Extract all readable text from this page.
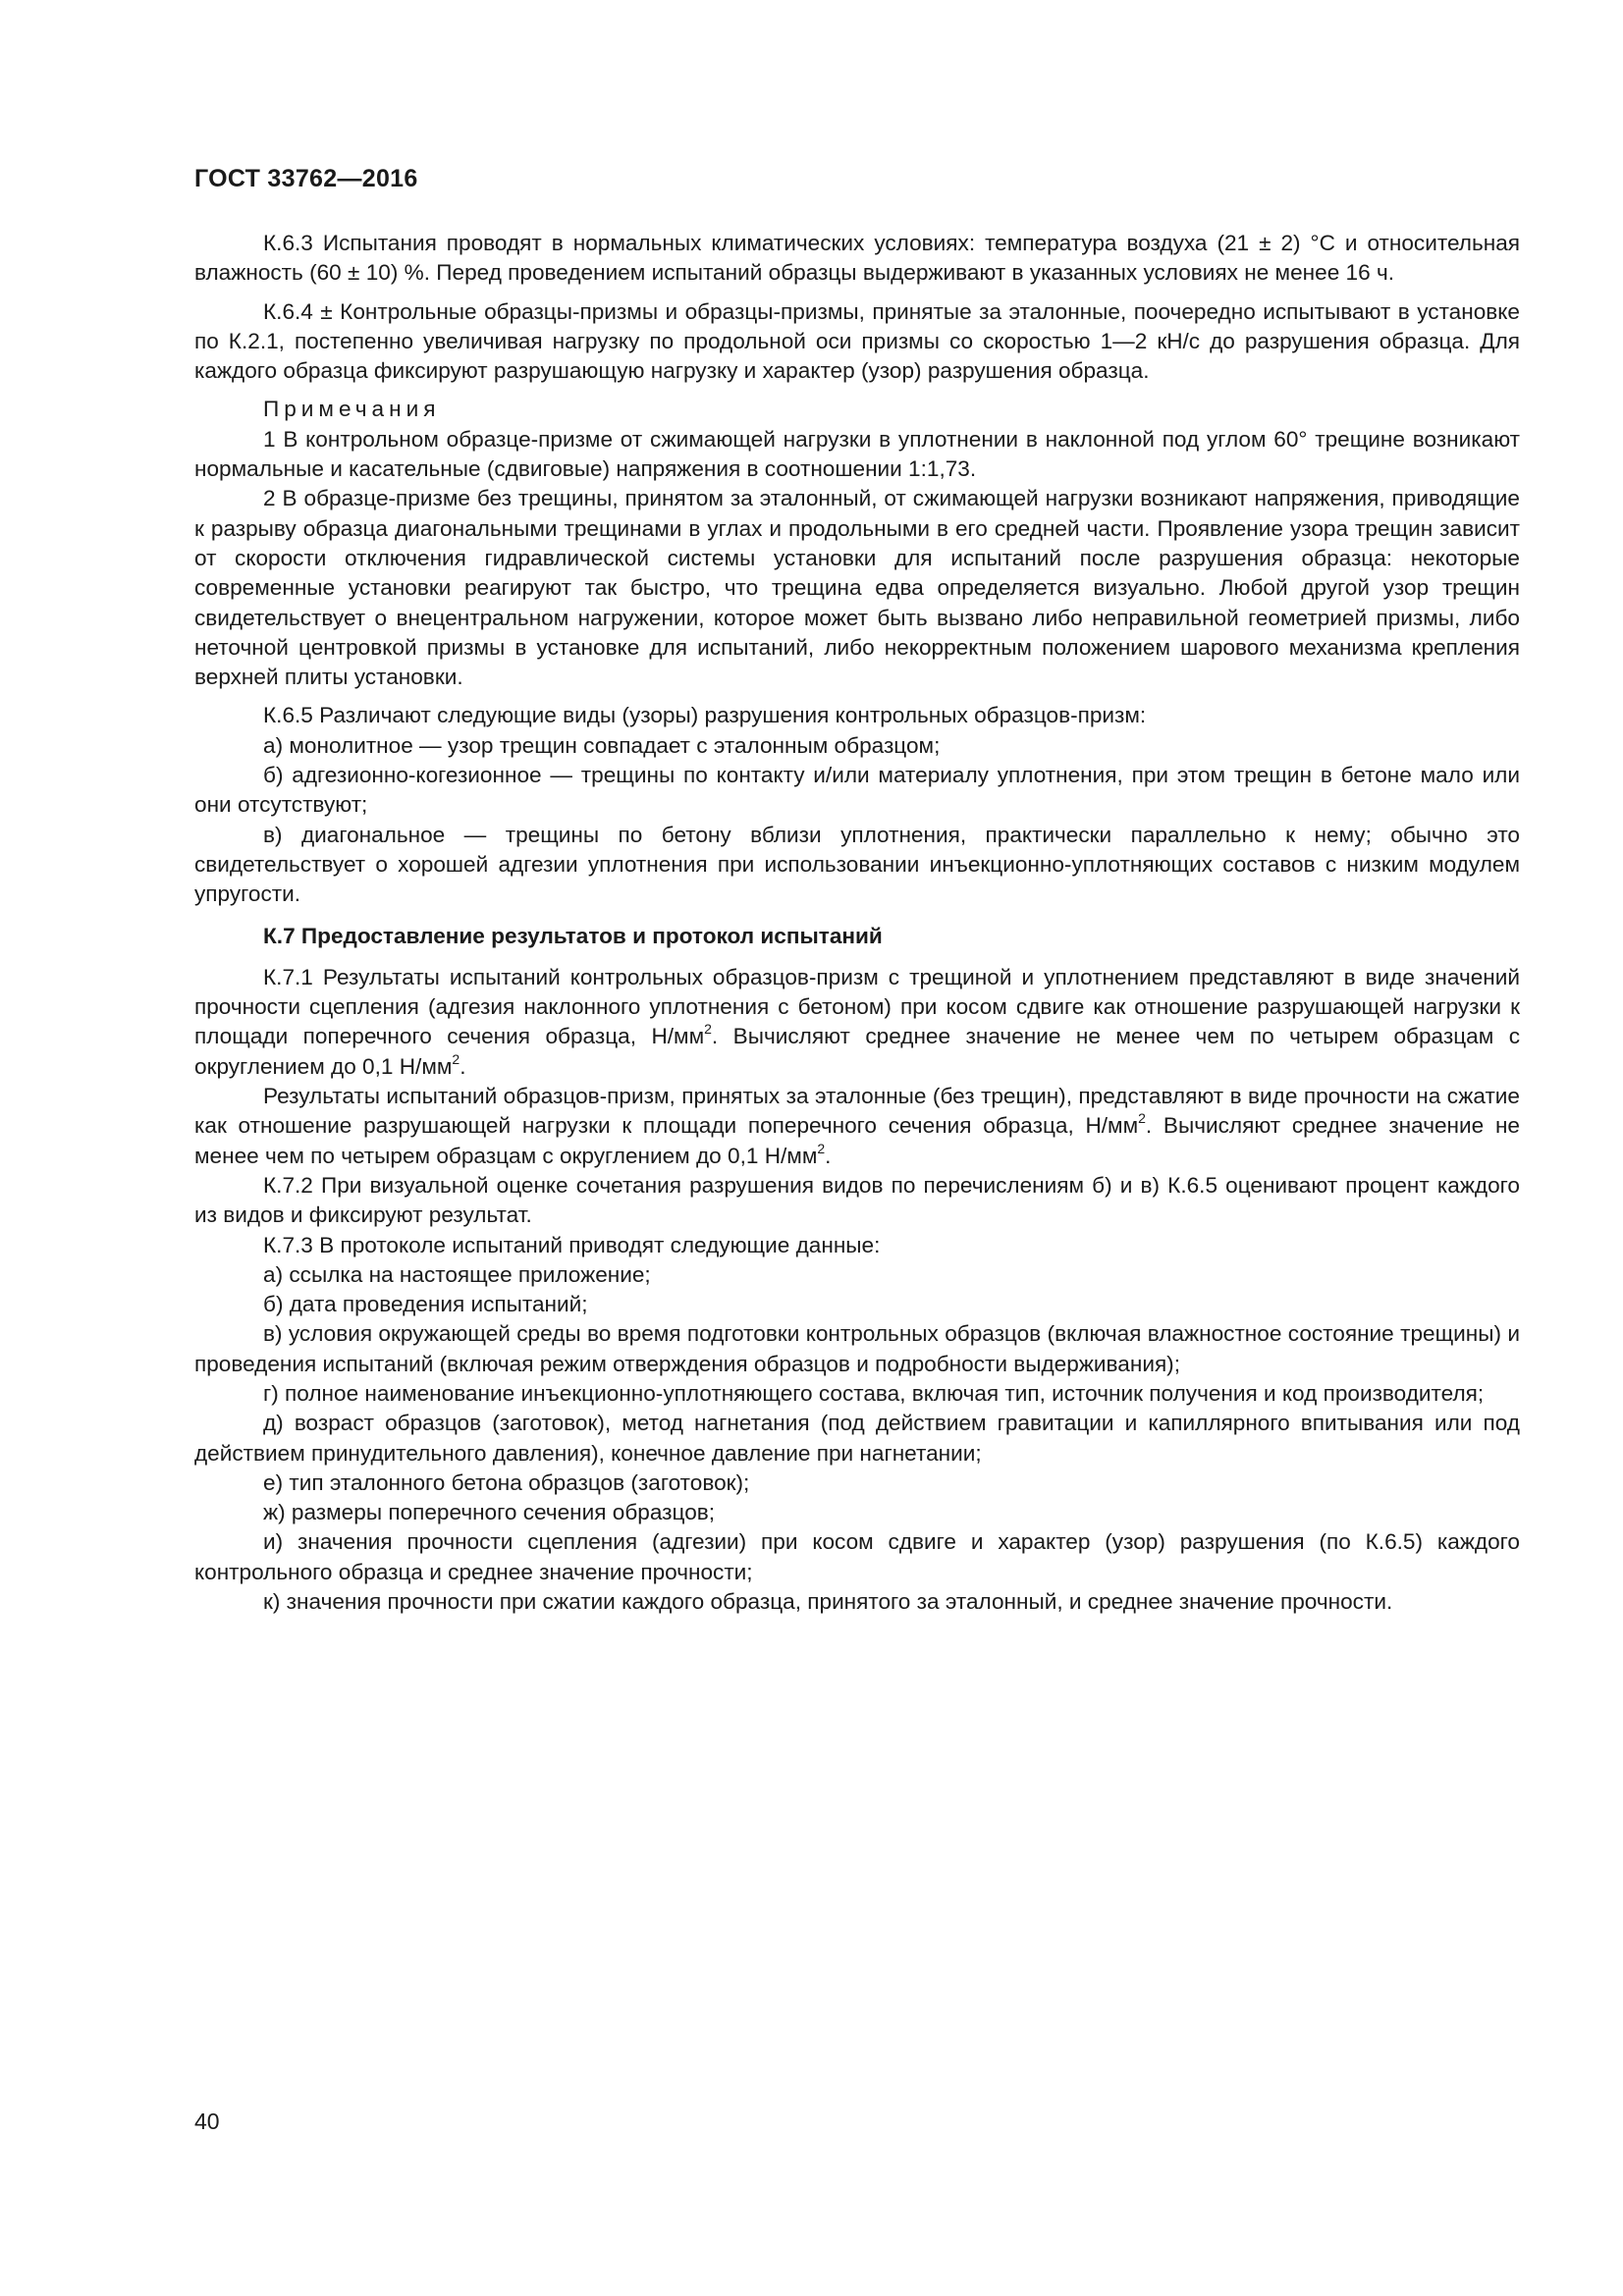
ГОСТ 33762—2016

К.6.3 Испытания проводят в нормальных климатических условиях: температура воздуха (21 ± 2) °С и относительная влажность (60 ± 10) %. Перед проведением испытаний образцы выдерживают в указанных условиях не менее 16 ч.

К.6.4 ± Контрольные образцы-призмы и образцы-призмы, принятые за эталонные, поочередно испытывают в установке по К.2.1, постепенно увеличивая нагрузку по продольной оси призмы со скоростью 1—2 кН/с до разрушения образца. Для каждого образца фиксируют разрушающую нагрузку и характер (узор) разрушения образца.

Примечания

1 В контрольном образце-призме от сжимающей нагрузки в уплотнении в наклонной под углом 60° трещине возникают нормальные и касательные (сдвиговые) напряжения в соотношении 1:1,73.

2 В образце-призме без трещины, принятом за эталонный, от сжимающей нагрузки возникают напряжения, приводящие к разрыву образца диагональными трещинами в углах и продольными в его средней части. Проявление узора трещин зависит от скорости отключения гидравлической системы установки для испытаний после разрушения образца: некоторые современные установки реагируют так быстро, что трещина едва определяется визуально. Любой другой узор трещин свидетельствует о внецентральном нагружении, которое может быть вызвано либо неправильной геометрией призмы, либо неточной центровкой призмы в установке для испытаний, либо некорректным положением шарового механизма крепления верхней плиты установки.

К.6.5 Различают следующие виды (узоры) разрушения контрольных образцов-призм:

а) монолитное — узор трещин совпадает с эталонным образцом;

б) адгезионно-когезионное — трещины по контакту и/или материалу уплотнения, при этом трещин в бетоне мало или они отсутствуют;

в) диагональное — трещины по бетону вблизи уплотнения, практически параллельно к нему; обычно это свидетельствует о хорошей адгезии уплотнения при использовании инъекционно-уплотняющих составов с низким модулем упругости.

К.7 Предоставление результатов и протокол испытаний

К.7.1 Результаты испытаний контрольных образцов-призм с трещиной и уплотнением представляют в виде значений прочности сцепления (адгезия наклонного уплотнения с бетоном) при косом сдвиге как отношение разрушающей нагрузки к площади поперечного сечения образца, $Н/мм^2$. Вычисляют среднее значение не менее чем по четырем образцам с округлением до 0,1 $Н/мм^2$.

Результаты испытаний образцов-призм, принятых за эталонные (без трещин), представляют в виде прочности на сжатие как отношение разрушающей нагрузки к площади поперечного сечения образца, $Н/мм^2$. Вычисляют среднее значение не менее чем по четырем образцам с округлением до 0,1 $Н/мм^2$.

К.7.2 При визуальной оценке сочетания разрушения видов по перечислениям б) и в) К.6.5 оценивают процент каждого из видов и фиксируют результат.

К.7.3 В протоколе испытаний приводят следующие данные:

а) ссылка на настоящее приложение;

б) дата проведения испытаний;

в) условия окружающей среды во время подготовки контрольных образцов (включая влажностное состояние трещины) и проведения испытаний (включая режим отверждения образцов и подробности выдерживания);

г) полное наименование инъекционно-уплотняющего состава, включая тип, источник получения и код производителя;

д) возраст образцов (заготовок), метод нагнетания (под действием гравитации и капиллярного впитывания или под действием принудительного давления), конечное давление при нагнетании;

е) тип эталонного бетона образцов (заготовок);

ж) размеры поперечного сечения образцов;

и) значения прочности сцепления (адгезии) при косом сдвиге и характер (узор) разрушения (по К.6.5) каждого контрольного образца и среднее значение прочности;

к) значения прочности при сжатии каждого образца, принятого за эталонный, и среднее значение прочности.

40
